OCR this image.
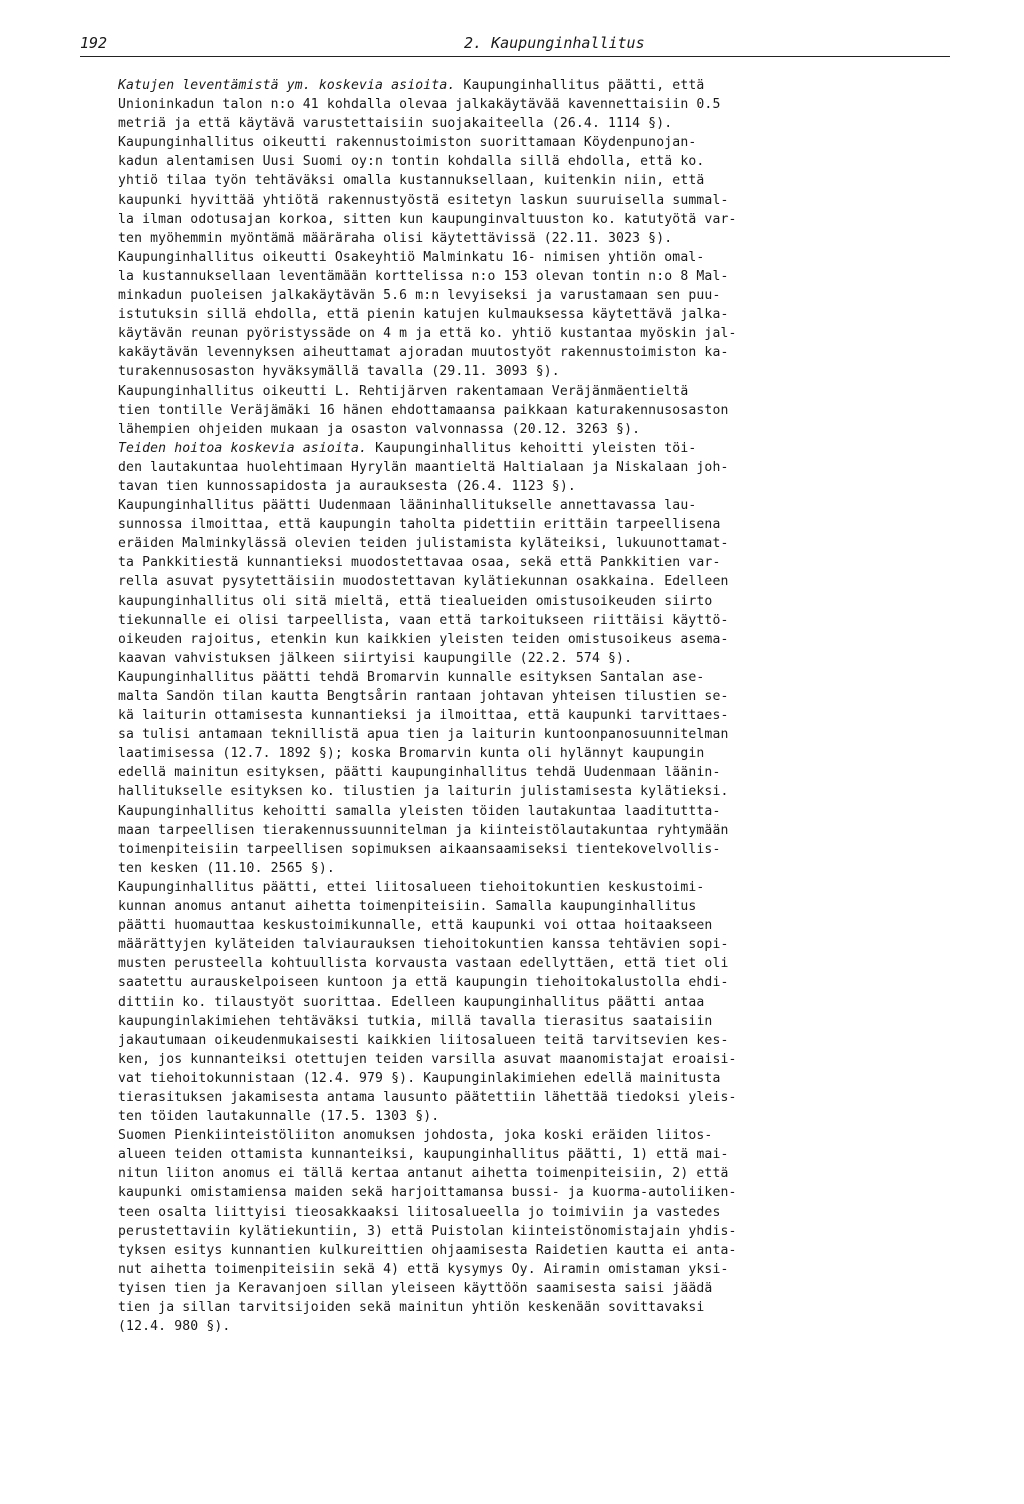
192	2. Kaupunginhallitus
Katujen leventämistä ym. koskevia asioita. Kaupunginhallitus päätti, että
Unioninkadun talon n:o 41 kohdalla olevaa jalkakäytävää kavennettaisiin 0.5
metriä ja että käytävä varustettaisiin suojakaiteella (26.4. 1114 §).
Kaupunginhallitus oikeutti rakennustoimiston suorittamaan Köydenpunojan-
kadun alentamisen Uusi Suomi oy:n tontin kohdalla sillä ehdolla, että ko.
yhtiö tilaa työn tehtäväksi omalla kustannuksellaan, kuitenkin niin, että
kaupunki hyvittää yhtiötä rakennustyöstä esitetyn laskun suuruisella summal-
la ilman odotusajan korkoa, sitten kun kaupunginvaltuuston ko. katutyötä var-
ten myöhemmin myöntämä määräraha olisi käytettävissä (22.11. 3023 §).
Kaupunginhallitus oikeutti Osakeyhtiö Malminkatu 16- nimisen yhtiön omal-
la kustannuksellaan leventämään korttelissa n:o 153 olevan tontin n:o 8 Mal-
minkadun puoleisen jalkakäytävän 5.6 m:n levyiseksi ja varustamaan sen puu-
istutuksin sillä ehdolla, että pienin katujen kulmauksessa käytettävä jalka-
käytävän reunan pyöristyssäde on 4 m ja että ko. yhtiö kustantaa myöskin jal-
kakäytävän levennyksen aiheuttamat ajoradan muutostyöt rakennustoimiston ka-
turakennusosaston hyväksymällä tavalla (29.11. 3093 §).
Kaupunginhallitus oikeutti L. Rehtijärven rakentamaan Veräjänmäentieltä
tien tontille Veräjämäki 16 hänen ehdottamaansa paikkaan katurakennusosaston
lähempien ohjeiden mukaan ja osaston valvonnassa (20.12. 3263 §).
Teiden hoitoa koskevia asioita. Kaupunginhallitus kehoitti yleisten töi-
den lautakuntaa huolehtimaan Hyrylän maantieltä Haltialaan ja Niskalaan joh-
tavan tien kunnossapidosta ja aurauksesta (26.4. 1123 §).
Kaupunginhallitus päätti Uudenmaan lääninhallitukselle annettavassa lau-
sunnossa ilmoittaa, että kaupungin taholta pidettiin erittäin tarpeellisena
eräiden Malminkylässä olevien teiden julistamista kyläteiksi, lukuunottamat-
ta Pankkitiestä kunnantieksi muodostettavaa osaa, sekä että Pankkitien var-
rella asuvat pysytettäisiin muodostettavan kylätiekunnan osakkaina. Edelleen
kaupunginhallitus oli sitä mieltä, että tiealueiden omistusoikeuden siirto
tiekunnalle ei olisi tarpeellista, vaan että tarkoitukseen riittäisi käyttö-
oikeuden rajoitus, etenkin kun kaikkien yleisten teiden omistusoikeus asema-
kaavan vahvistuksen jälkeen siirtyisi kaupungille (22.2. 574 §).
Kaupunginhallitus päätti tehdä Bromarvin kunnalle esityksen Santalan ase-
malta Sandön tilan kautta Bengtsårin rantaan johtavan yhteisen tilustien se-
kä laiturin ottamisesta kunnantieksi ja ilmoittaa, että kaupunki tarvittaes-
sa tulisi antamaan teknillistä apua tien ja laiturin kuntoonpanosuunnitelman
laatimisessa (12.7. 1892 §); koska Bromarvin kunta oli hylännyt kaupungin
edellä mainitun esityksen, päätti kaupunginhallitus tehdä Uudenmaan läänin-
hallitukselle esityksen ko. tilustien ja laiturin julistamisesta kylätieksi.
Kaupunginhallitus kehoitti samalla yleisten töiden lautakuntaa laadituttta-
maan tarpeellisen tierakennussuunnitelman ja kiinteistölautakuntaa ryhtymään
toimenpiteisiin tarpeellisen sopimuksen aikaansaamiseksi tientekovelvollis-
ten kesken (11.10. 2565 §).
Kaupunginhallitus päätti, ettei liitosalueen tiehoitokuntien keskustoimi-
kunnan anomus antanut aihetta toimenpiteisiin. Samalla kaupunginhallitus
päätti huomauttaa keskustoimikunnalle, että kaupunki voi ottaa hoitaakseen
määrättyjen kyläteiden talviaurauksen tiehoitokuntien kanssa tehtävien sopi-
musten perusteella kohtuullista korvausta vastaan edellyttäen, että tiet oli
saatettu aurauskelpoiseen kuntoon ja että kaupungin tiehoitokalustolla ehdi-
dittiin ko. tilaustyöt suorittaa. Edelleen kaupunginhallitus päätti antaa
kaupunginlakimiehen tehtäväksi tutkia, millä tavalla tierasitus saataisiin
jakautumaan oikeudenmukaisesti kaikkien liitosalueen teitä tarvitsevien kes-
ken, jos kunnanteiksi otettujen teiden varsilla asuvat maanomistajat eroaisi-
vat tiehoitokunnistaan (12.4. 979 §). Kaupunginlakimiehen edellä mainitusta
tierasituksen jakamisesta antama lausunto päätettiin lähettää tiedoksi yleis-
ten töiden lautakunnalle (17.5. 1303 §).
Suomen Pienkiinteistöliiton anomuksen johdosta, joka koski eräiden liitos-
alueen teiden ottamista kunnanteiksi, kaupunginhallitus päätti, 1) että mai-
nitun liiton anomus ei tällä kertaa antanut aihetta toimenpiteisiin, 2) että
kaupunki omistamiensa maiden sekä harjoittamansa bussi- ja kuorma-autoliiken-
teen osalta liittyisi tieosakkaaksi liitosalueella jo toimiviin ja vastedes
perustettaviin kylätiekuntiin, 3) että Puistolan kiinteistönomistajain yhdis-
tyksen esitys kunnantien kulkureittien ohjaamisesta Raidetien kautta ei antа-
nut aihetta toimenpiteisiin sekä 4) että kysymys Oy. Airamin omistaman yksi-
tyisen tien ja Keravanjoen sillan yleiseen käyttöön saamisesta saisi jäädä
tien ja sillan tarvitsijoiden sekä mainitun yhtiön keskenään sovittavaksi
(12.4. 980 §).
